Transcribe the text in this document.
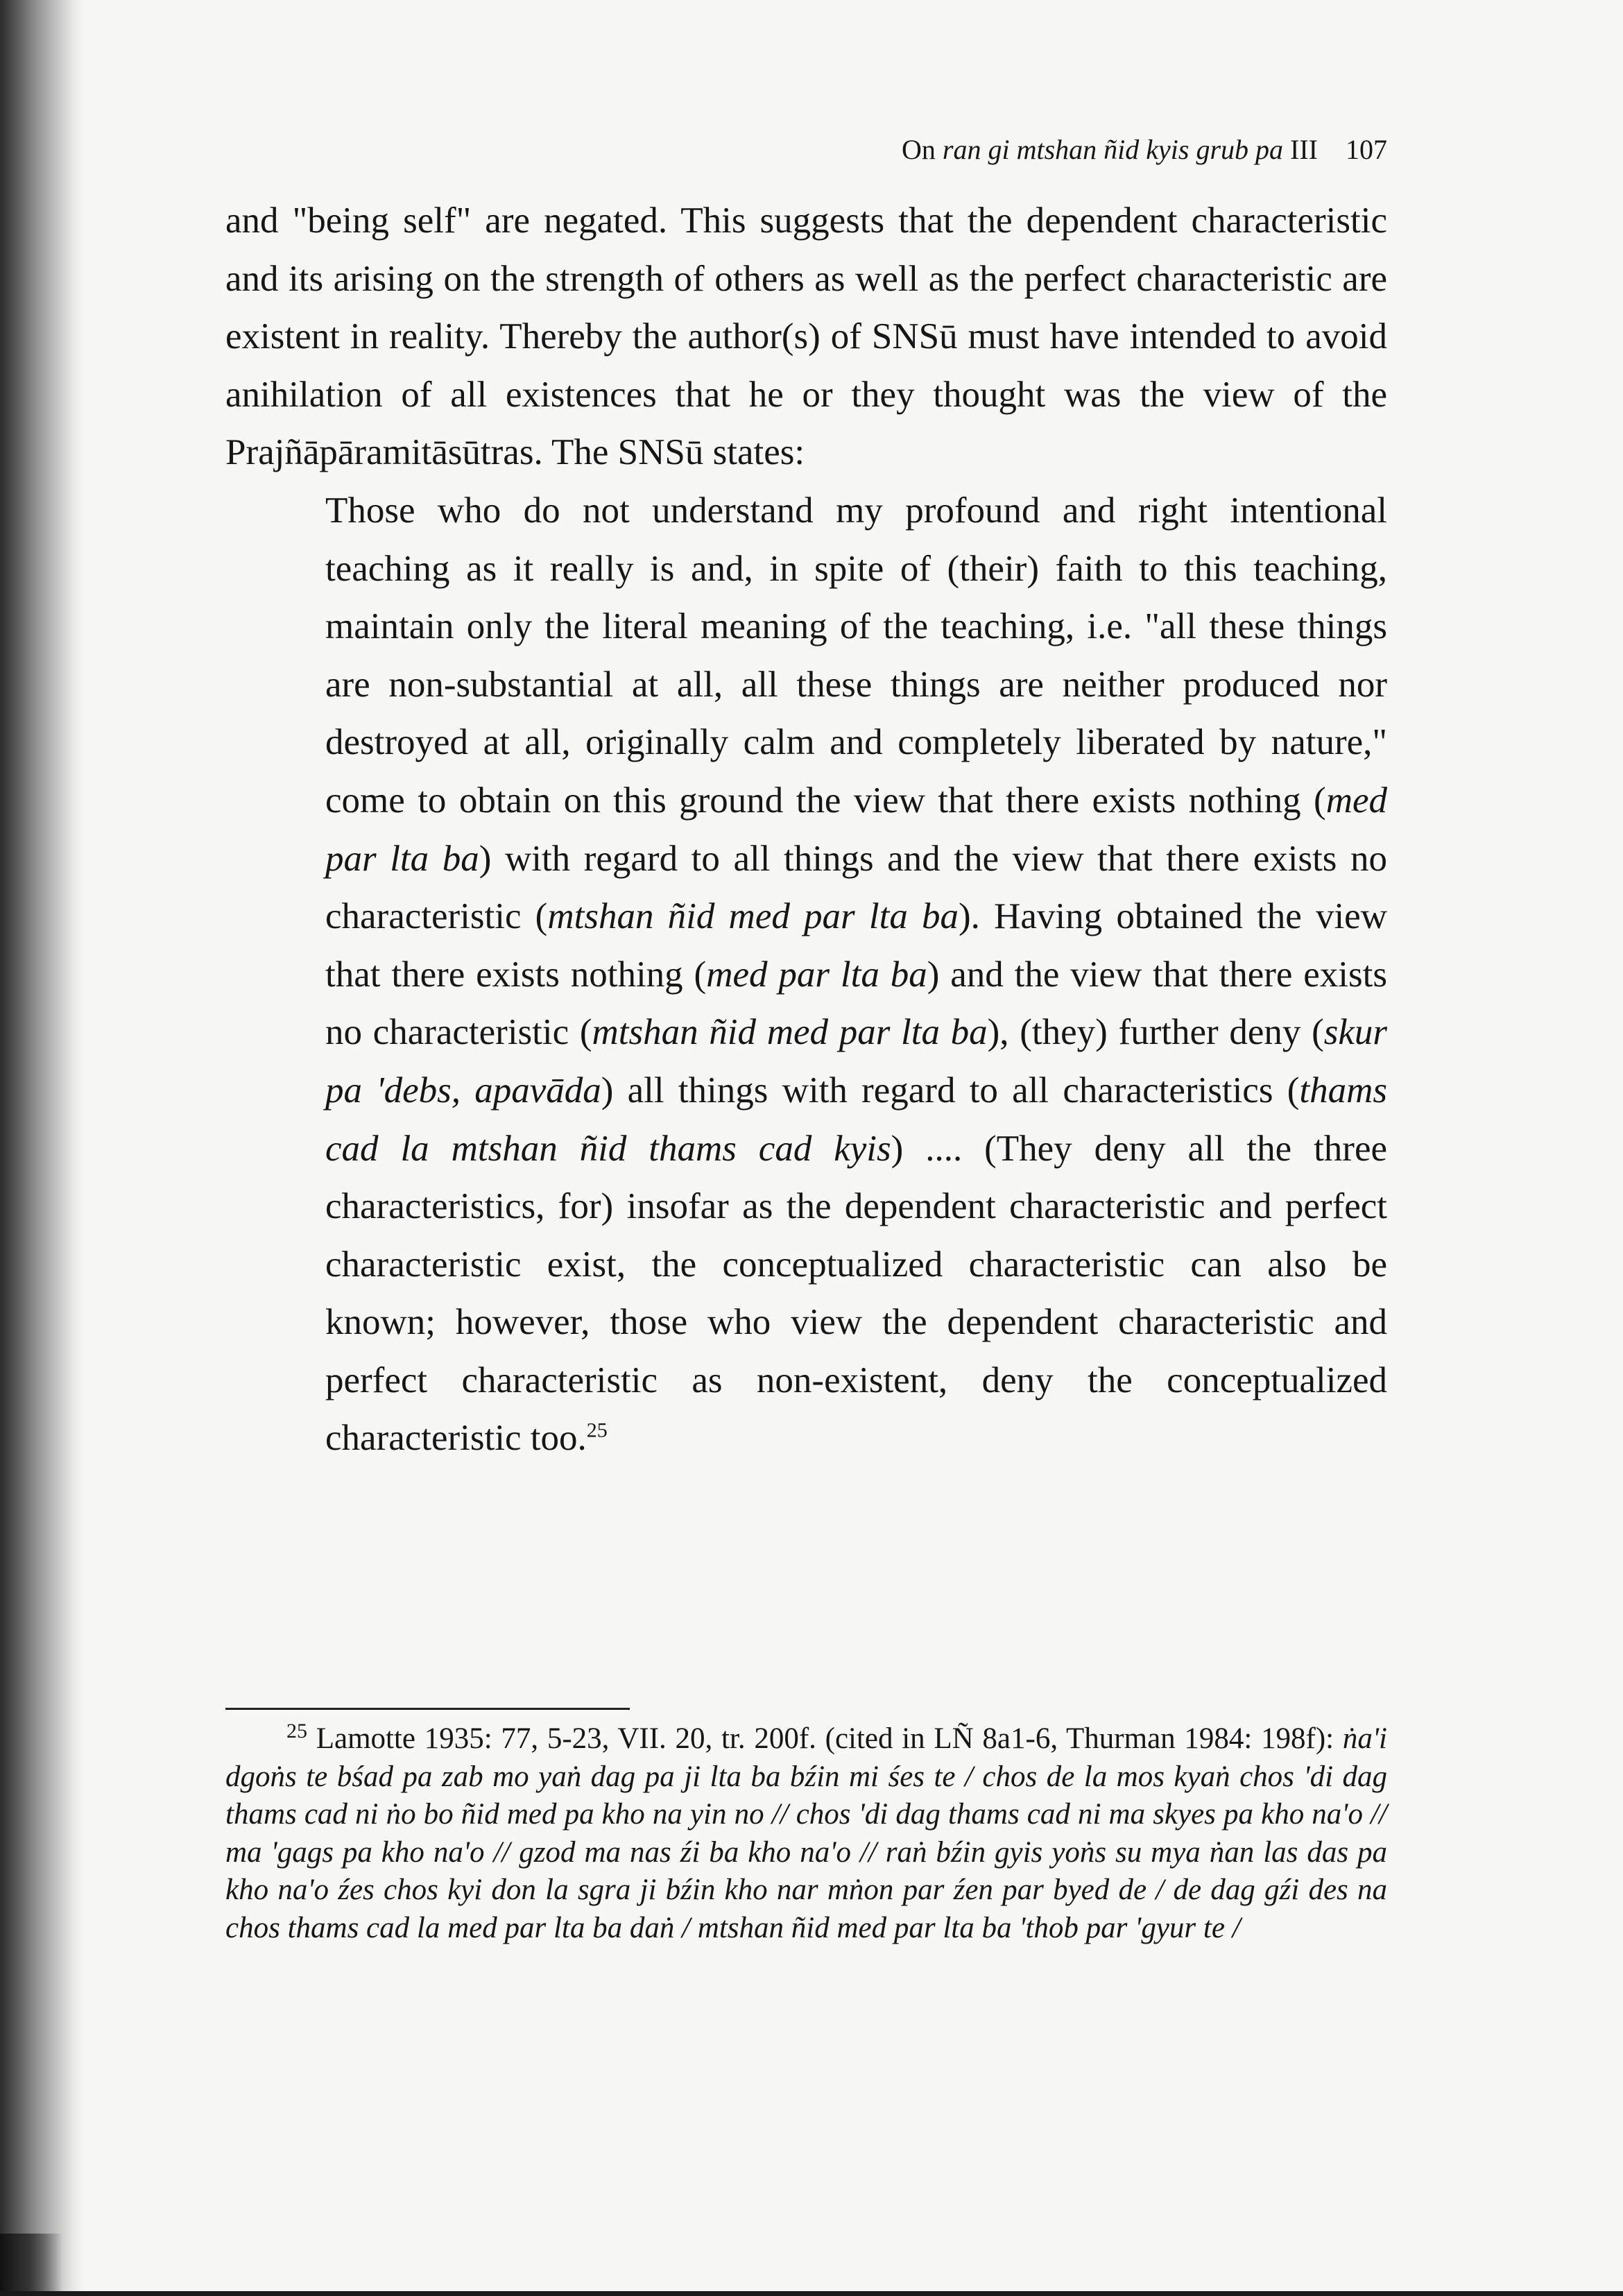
On ran gi mtshan ñid kyis grub pa III 107

and "being self" are negated. This suggests that the dependent characteristic and its arising on the strength of others as well as the perfect characteristic are existent in reality. Thereby the author(s) of SNSū must have intended to avoid anihilation of all existences that he or they thought was the view of the Prajñāpāramitāsūtras. The SNSū states:

Those who do not understand my profound and right intentional teaching as it really is and, in spite of (their) faith to this teaching, maintain only the literal meaning of the teaching, i.e. "all these things are non-substantial at all, all these things are neither produced nor destroyed at all, originally calm and completely liberated by nature," come to obtain on this ground the view that there exists nothing (med par lta ba) with regard to all things and the view that there exists no characteristic (mtshan ñid med par lta ba). Having obtained the view that there exists nothing (med par lta ba) and the view that there exists no characteristic (mtshan ñid med par lta ba), (they) further deny (skur pa 'debs, apavāda) all things with regard to all characteristics (thams cad la mtshan ñid thams cad kyis) .... (They deny all the three characteristics, for) insofar as the dependent characteristic and perfect characteristic exist, the conceptualized characteristic can also be known; however, those who view the dependent characteristic and perfect characteristic as non-existent, deny the conceptualized characteristic too.$^{25}$

$^{25}$ Lamotte 1935: 77, 5-23, VII. 20, tr. 200f. (cited in LÑ 8a1-6, Thurman 1984: 198f): ṅa'i dgoṅs te bśad pa zab mo yaṅ dag pa ji lta ba bźin mi śes te / chos de la mos kyaṅ chos 'di dag thams cad ni ṅo bo ñid med pa kho na yin no // chos 'di dag thams cad ni ma skyes pa kho na'o // ma 'gags pa kho na'o // gzod ma nas źi ba kho na'o // raṅ bźin gyis yoṅs su mya ṅan las das pa kho na'o źes chos kyi don la sgra ji bźin kho nar mṅon par źen par byed de / de dag gźi des na chos thams cad la med par lta ba daṅ / mtshan ñid med par lta ba 'thob par 'gyur te /
